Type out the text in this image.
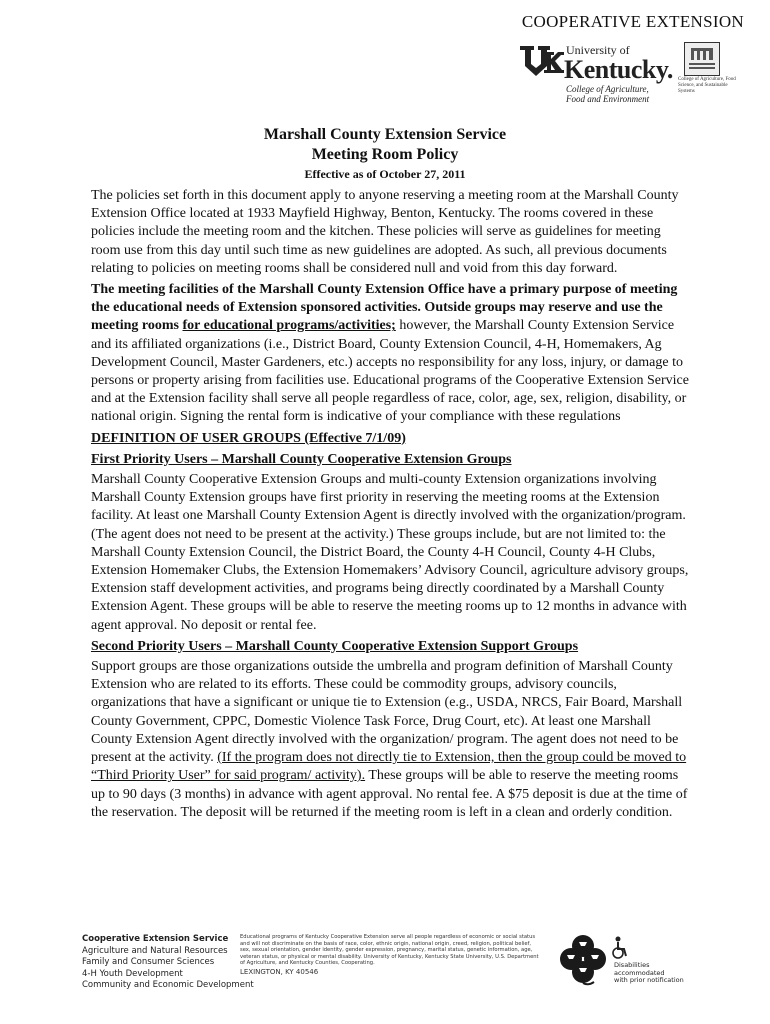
COOPERATIVE EXTENSION
University of
Kentucky.
College of Agriculture,
Food and Environment
College of Agriculture, Food Science, and Sustainable Systems
Marshall County Extension Service
Meeting Room Policy
Effective as of October 27, 2011

The policies set forth in this document apply to anyone reserving a meeting room at the Marshall County Extension Office located at 1933 Mayfield Highway, Benton, Kentucky. The rooms covered in these policies include the meeting room and the kitchen. These policies will serve as guidelines for meeting room use from this day until such time as new guidelines are adopted. As such, all previous documents relating to policies on meeting rooms shall be considered null and void from this day forward.

The meeting facilities of the Marshall County Extension Office have a primary purpose of meeting the educational needs of Extension sponsored activities. Outside groups may reserve and use the meeting rooms for educational programs/activities; however, the Marshall County Extension Service and its affiliated organizations (i.e., District Board, County Extension Council, 4-H, Homemakers, Ag Development Council, Master Gardeners, etc.) accepts no responsibility for any loss, injury, or damage to persons or property arising from facilities use. Educational programs of the Cooperative Extension Service and at the Extension facility shall serve all people regardless of race, color, age, sex, religion, disability, or national origin. Signing the rental form is indicative of your compliance with these regulations

DEFINITION OF USER GROUPS (Effective 7/1/09)
First Priority Users – Marshall County Cooperative Extension Groups

Marshall County Cooperative Extension Groups and multi-county Extension organizations involving Marshall County Extension groups have first priority in reserving the meeting rooms at the Extension facility. At least one Marshall County Extension Agent is directly involved with the organization/program. (The agent does not need to be present at the activity.) These groups include, but are not limited to: the Marshall County Extension Council, the District Board, the County 4-H Council, County 4-H Clubs, Extension Homemaker Clubs, the Extension Homemakers’ Advisory Council, agriculture advisory groups, Extension staff development activities, and programs being directly coordinated by a Marshall County Extension Agent. These groups will be able to reserve the meeting rooms up to 12 months in advance with agent approval. No deposit or rental fee.

Second Priority Users – Marshall County Cooperative Extension Support Groups

Support groups are those organizations outside the umbrella and program definition of Marshall County Extension who are related to its efforts. These could be commodity groups, advisory councils, organizations that have a significant or unique tie to Extension (e.g., USDA, NRCS, Fair Board, Marshall County Government, CPPC, Domestic Violence Task Force, Drug Court, etc). At least one Marshall County Extension Agent directly involved with the organization/ program. The agent does not need to be present at the activity. (If the program does not directly tie to Extension, then the group could be moved to “Third Priority User” for said program/ activity). These groups will be able to reserve the meeting rooms up to 90 days (3 months) in advance with agent approval. No rental fee. A $75 deposit is due at the time of the reservation. The deposit will be returned if the meeting room is left in a clean and orderly condition.

Cooperative Extension Service
Agriculture and Natural Resources
Family and Consumer Sciences
4-H Youth Development
Community and Economic Development
Educational programs of Kentucky Cooperative Extension serve all people regardless of economic or social status and will not discriminate on the basis of race, color, ethnic origin, national origin, creed, religion, political belief, sex, sexual orientation, gender identity, gender expression, pregnancy, marital status, genetic information, age, veteran status, or physical or mental disability. University of Kentucky, Kentucky State University, U.S. Department of Agriculture, and Kentucky Counties, Cooperating.
LEXINGTON, KY 40546
Disabilities
accommodated
with prior notification
